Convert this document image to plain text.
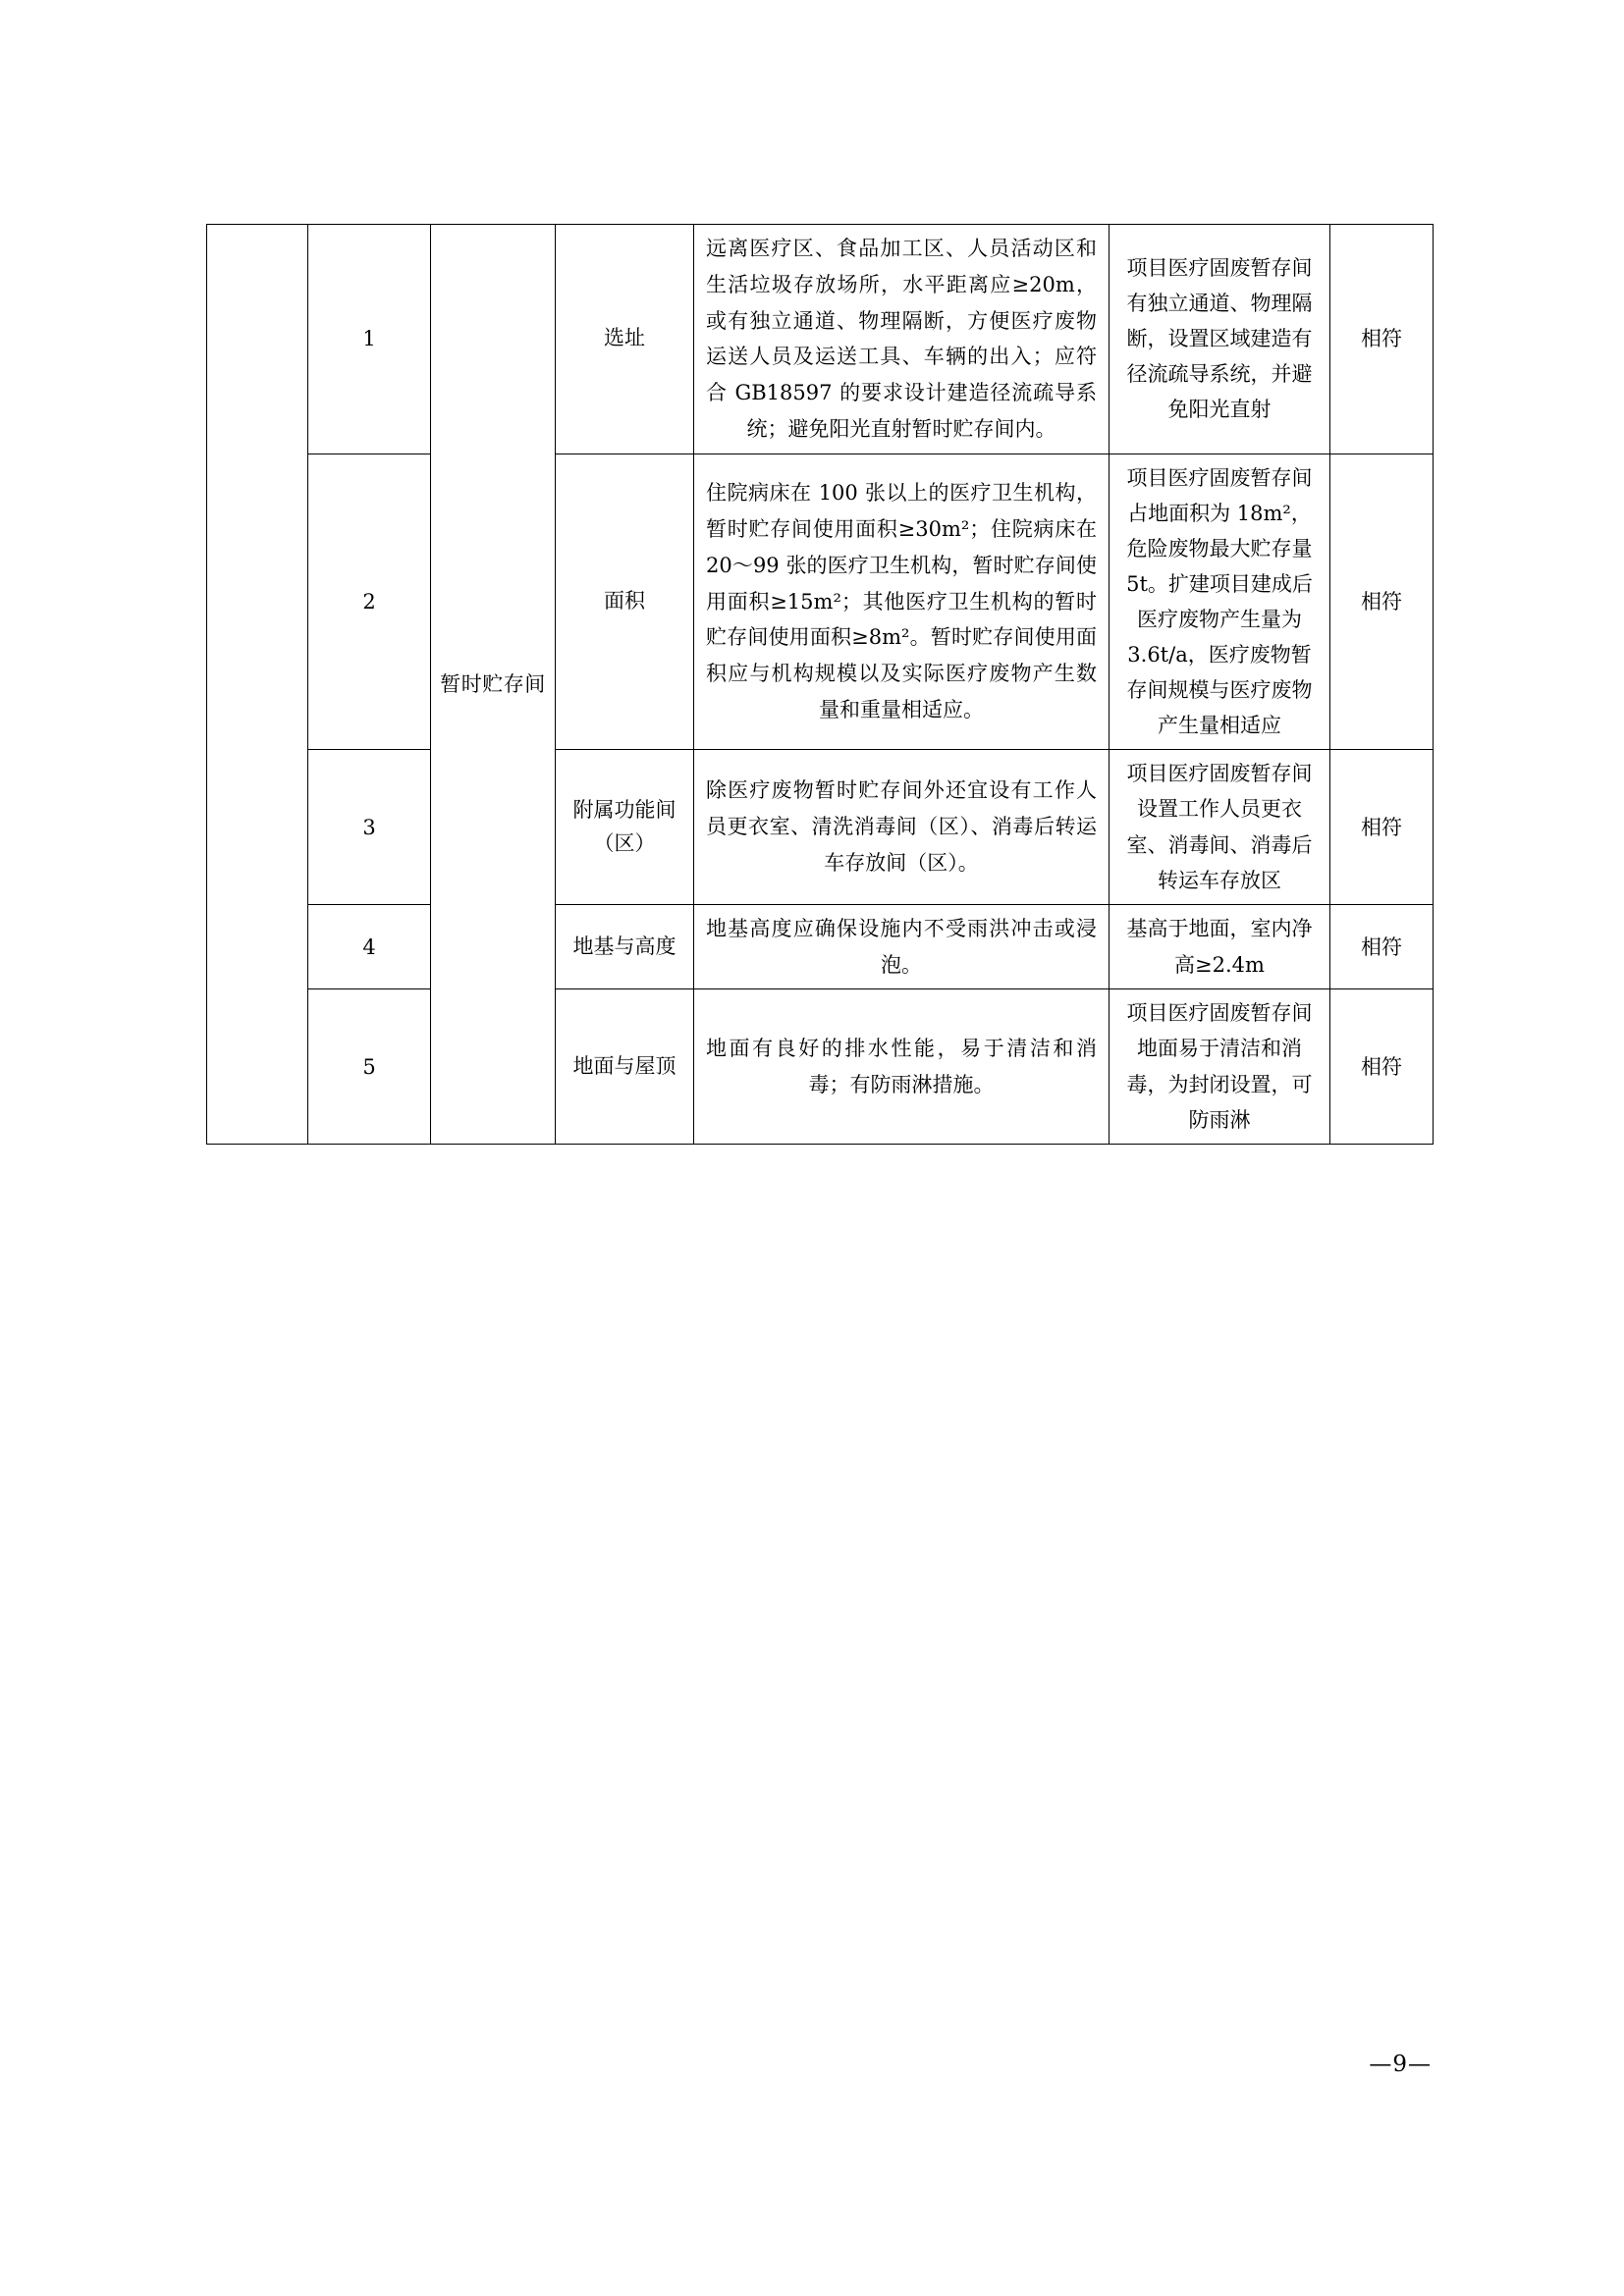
	1	暂时贮存间	选址	远离医疗区、食品加工区、人员活动区和生活垃圾存放场所，水平距离应≥20m，或有独立通道、物理隔断，方便医疗废物运送人员及运送工具、车辆的出入；应符合 GB18597 的要求设计建造径流疏导系统；避免阳光直射暂时贮存间内。	项目医疗固废暂存间有独立通道、物理隔断，设置区域建造有径流疏导系统，并避免阳光直射	相符
	2		面积	住院病床在 100 张以上的医疗卫生机构，暂时贮存间使用面积≥30m²；住院病床在 20～99 张的医疗卫生机构，暂时贮存间使用面积≥15m²；其他医疗卫生机构的暂时贮存间使用面积≥8m²。暂时贮存间使用面积应与机构规模以及实际医疗废物产生数量和重量相适应。	项目医疗固废暂存间占地面积为 18m²，危险废物最大贮存量 5t。扩建项目建成后医疗废物产生量为 3.6t/a，医疗废物暂存间规模与医疗废物产生量相适应	相符
	3		附属功能间（区）	除医疗废物暂时贮存间外还宜设有工作人员更衣室、清洗消毒间（区）、消毒后转运车存放间（区）。	项目医疗固废暂存间设置工作人员更衣室、消毒间、消毒后转运车存放区	相符
	4		地基与高度	地基高度应确保设施内不受雨洪冲击或浸泡。	基高于地面，室内净高≥2.4m	相符
	5		地面与屋顶	地面有良好的排水性能，易于清洁和消毒；有防雨淋措施。	项目医疗固废暂存间地面易于清洁和消毒，为封闭设置，可防雨淋	相符
—9—
